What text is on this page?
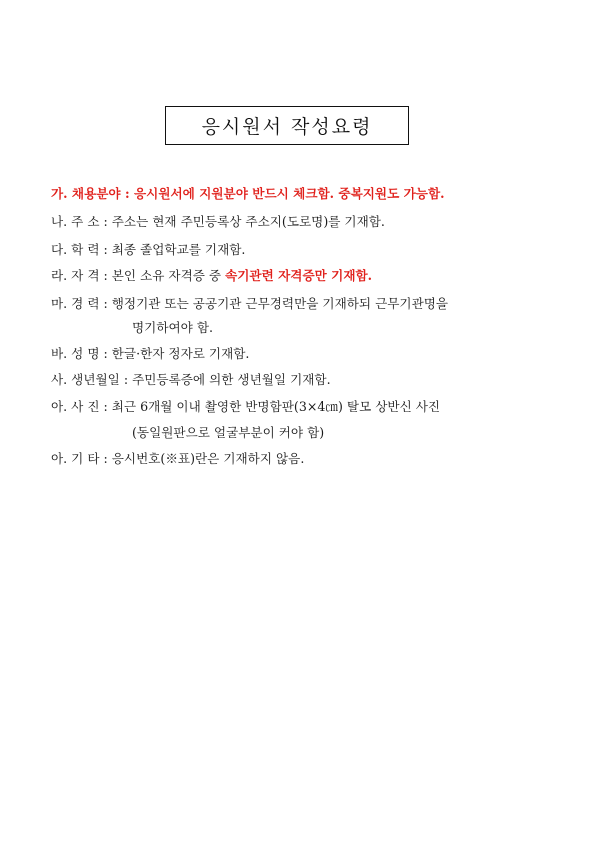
응시원서 작성요령
가. 채용분야 : 응시원서에 지원분야 반드시 체크함. 중복지원도 가능함.
나. 주 소 : 주소는 현재 주민등록상 주소지(도로명)를 기재함.
다. 학 력 : 최종 졸업학교를 기재함.
라. 자 격 : 본인 소유 자격증 중 속기관련 자격증만 기재함.
마. 경 력 : 행정기관 또는 공공기관 근무경력만을 기재하되 근무기관명을
명기하여야 함.
바. 성 명 : 한글·한자 정자로 기재함.
사. 생년월일 : 주민등록증에 의한 생년월일 기재함.
아. 사 진 : 최근 6개월 이내 촬영한 반명함판(3×4㎝) 탈모 상반신 사진
(동일원판으로 얼굴부분이 커야 함)
아. 기 타 : 응시번호(※표)란은 기재하지 않음.
